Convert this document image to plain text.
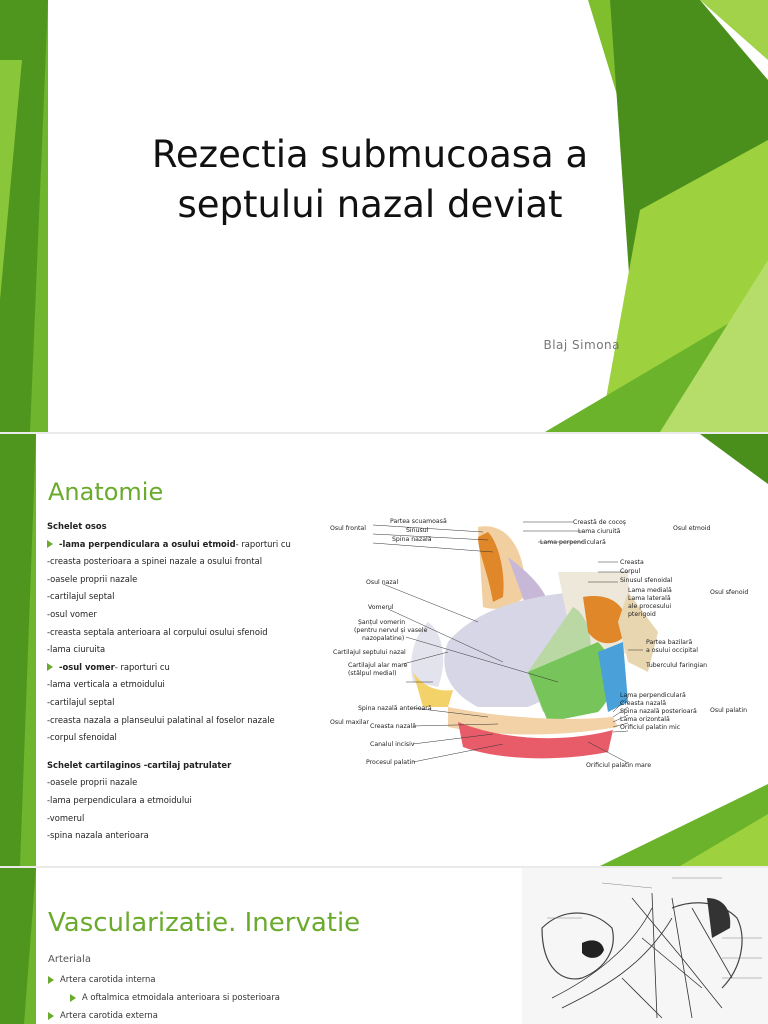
Rezectia submucoasa a
septului nazal deviat
Blaj Simona
Anatomie
Schelet osos
-lama perpendiculara a osului etmoid- raporturi cu
-creasta posterioara a spinei nazale a osului frontal
-oasele proprii nazale
-cartilajul septal
-osul vomer
-creasta septala anterioara al corpului osului sfenoid
-lama ciuruita
-osul vomer- raporturi cu
-lama verticala a etmoidului
-cartilajul septal
-creasta nazala a planseului palatinal al foselor nazale
-corpul sfenoidal
Schelet cartilaginos -cartilaj patrulater
-oasele proprii nazale
-lama perpendiculara a etmoidului
-vomerul
-spina nazala anterioara
Osul frontal
Partea scuamoasă
Sinusul
Spina nazală
Osul nazal
Vomerul
Șanțul vomerin
(pentru nervul și vasele
nazopalatine)
Cartilajul septului nazal
Cartilajul alar mare
(stâlpul medial)
Osul maxilar
Spina nazală anterioară
Creasta nazală
Canalul incisiv
Procesul palatin
Creastă de cocoș
Lama ciuruită
Lama perpendiculară
Osul etmoid
Creasta
Corpul
Sinusul sfenoidal
Lama medială
Lama laterală
ale procesului
pterigoid
Osul sfenoid
Partea bazilară
a osului occipital
Tuberculul faringian
Lama perpendiculară
Creasta nazală
Spina nazală posterioară
Lama orizontală
Orificiul palatin mic
Osul palatin
Orificiul palatin mare
Vascularizatie. Inervatie
Arteriala
Artera carotida interna
A oftalmica etmoidala anterioara si posterioara
Artera carotida externa
